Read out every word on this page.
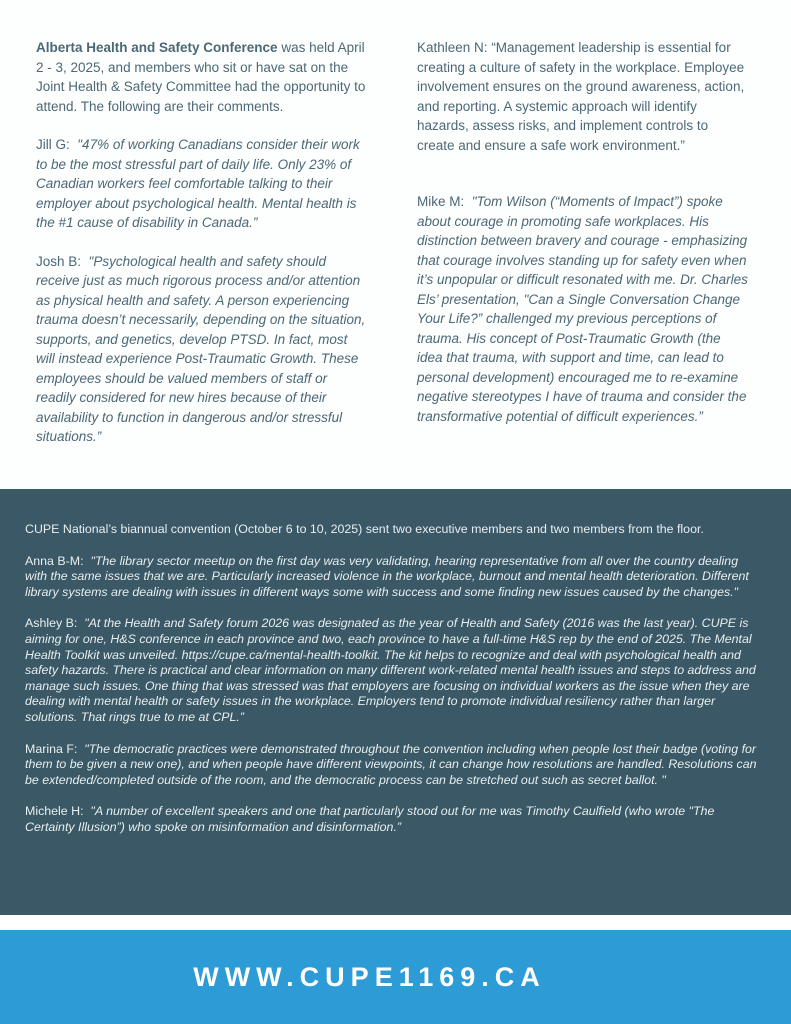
Alberta Health and Safety Conference was held April 2 - 3, 2025, and members who sit or have sat on the Joint Health & Safety Committee had the opportunity to attend. The following are their comments.

Jill G: "47% of working Canadians consider their work to be the most stressful part of daily life. Only 23% of Canadian workers feel comfortable talking to their employer about psychological health. Mental health is the #1 cause of disability in Canada.”

Josh B: "Psychological health and safety should receive just as much rigorous process and/or attention as physical health and safety. A person experiencing trauma doesn’t necessarily, depending on the situation, supports, and genetics, develop PTSD. In fact, most will instead experience Post-Traumatic Growth. These employees should be valued members of staff or readily considered for new hires because of their availability to function in dangerous and/or stressful situations.”

Kathleen N: “Management leadership is essential for creating a culture of safety in the workplace. Employee involvement ensures on the ground awareness, action, and reporting. A systemic approach will identify hazards, assess risks, and implement controls to create and ensure a safe work environment.”

Mike M: "Tom Wilson (“Moments of Impact”) spoke about courage in promoting safe workplaces. His distinction between bravery and courage - emphasizing that courage involves standing up for safety even when it’s unpopular or difficult resonated with me. Dr. Charles Els’ presentation, "Can a Single Conversation Change Your Life?” challenged my previous perceptions of trauma. His concept of Post-Traumatic Growth (the idea that trauma, with support and time, can lead to personal development) encouraged me to re-examine negative stereotypes I have of trauma and consider the transformative potential of difficult experiences.”

CUPE National’s biannual convention (October 6 to 10, 2025) sent two executive members and two members from the floor.

Anna B-M: "The library sector meetup on the first day was very validating, hearing representative from all over the country dealing with the same issues that we are. Particularly increased violence in the workplace, burnout and mental health deterioration. Different library systems are dealing with issues in different ways some with success and some finding new issues caused by the changes."

Ashley B: "At the Health and Safety forum 2026 was designated as the year of Health and Safety (2016 was the last year). CUPE is aiming for one, H&S conference in each province and two, each province to have a full-time H&S rep by the end of 2025. The Mental Health Toolkit was unveiled. https://cupe.ca/mental-health-toolkit. The kit helps to recognize and deal with psychological health and safety hazards. There is practical and clear information on many different work-related mental health issues and steps to address and manage such issues. One thing that was stressed was that employers are focusing on individual workers as the issue when they are dealing with mental health or safety issues in the workplace. Employers tend to promote individual resiliency rather than larger solutions. That rings true to me at CPL.”

Marina F: "The democratic practices were demonstrated throughout the convention including when people lost their badge (voting for them to be given a new one), and when people have different viewpoints, it can change how resolutions are handled. Resolutions can be extended/completed outside of the room, and the democratic process can be stretched out such as secret ballot. "

Michele H: "A number of excellent speakers and one that particularly stood out for me was Timothy Caulfield (who wrote "The Certainty Illusion”) who spoke on misinformation and disinformation.”

WWW.CUPE1169.CA
